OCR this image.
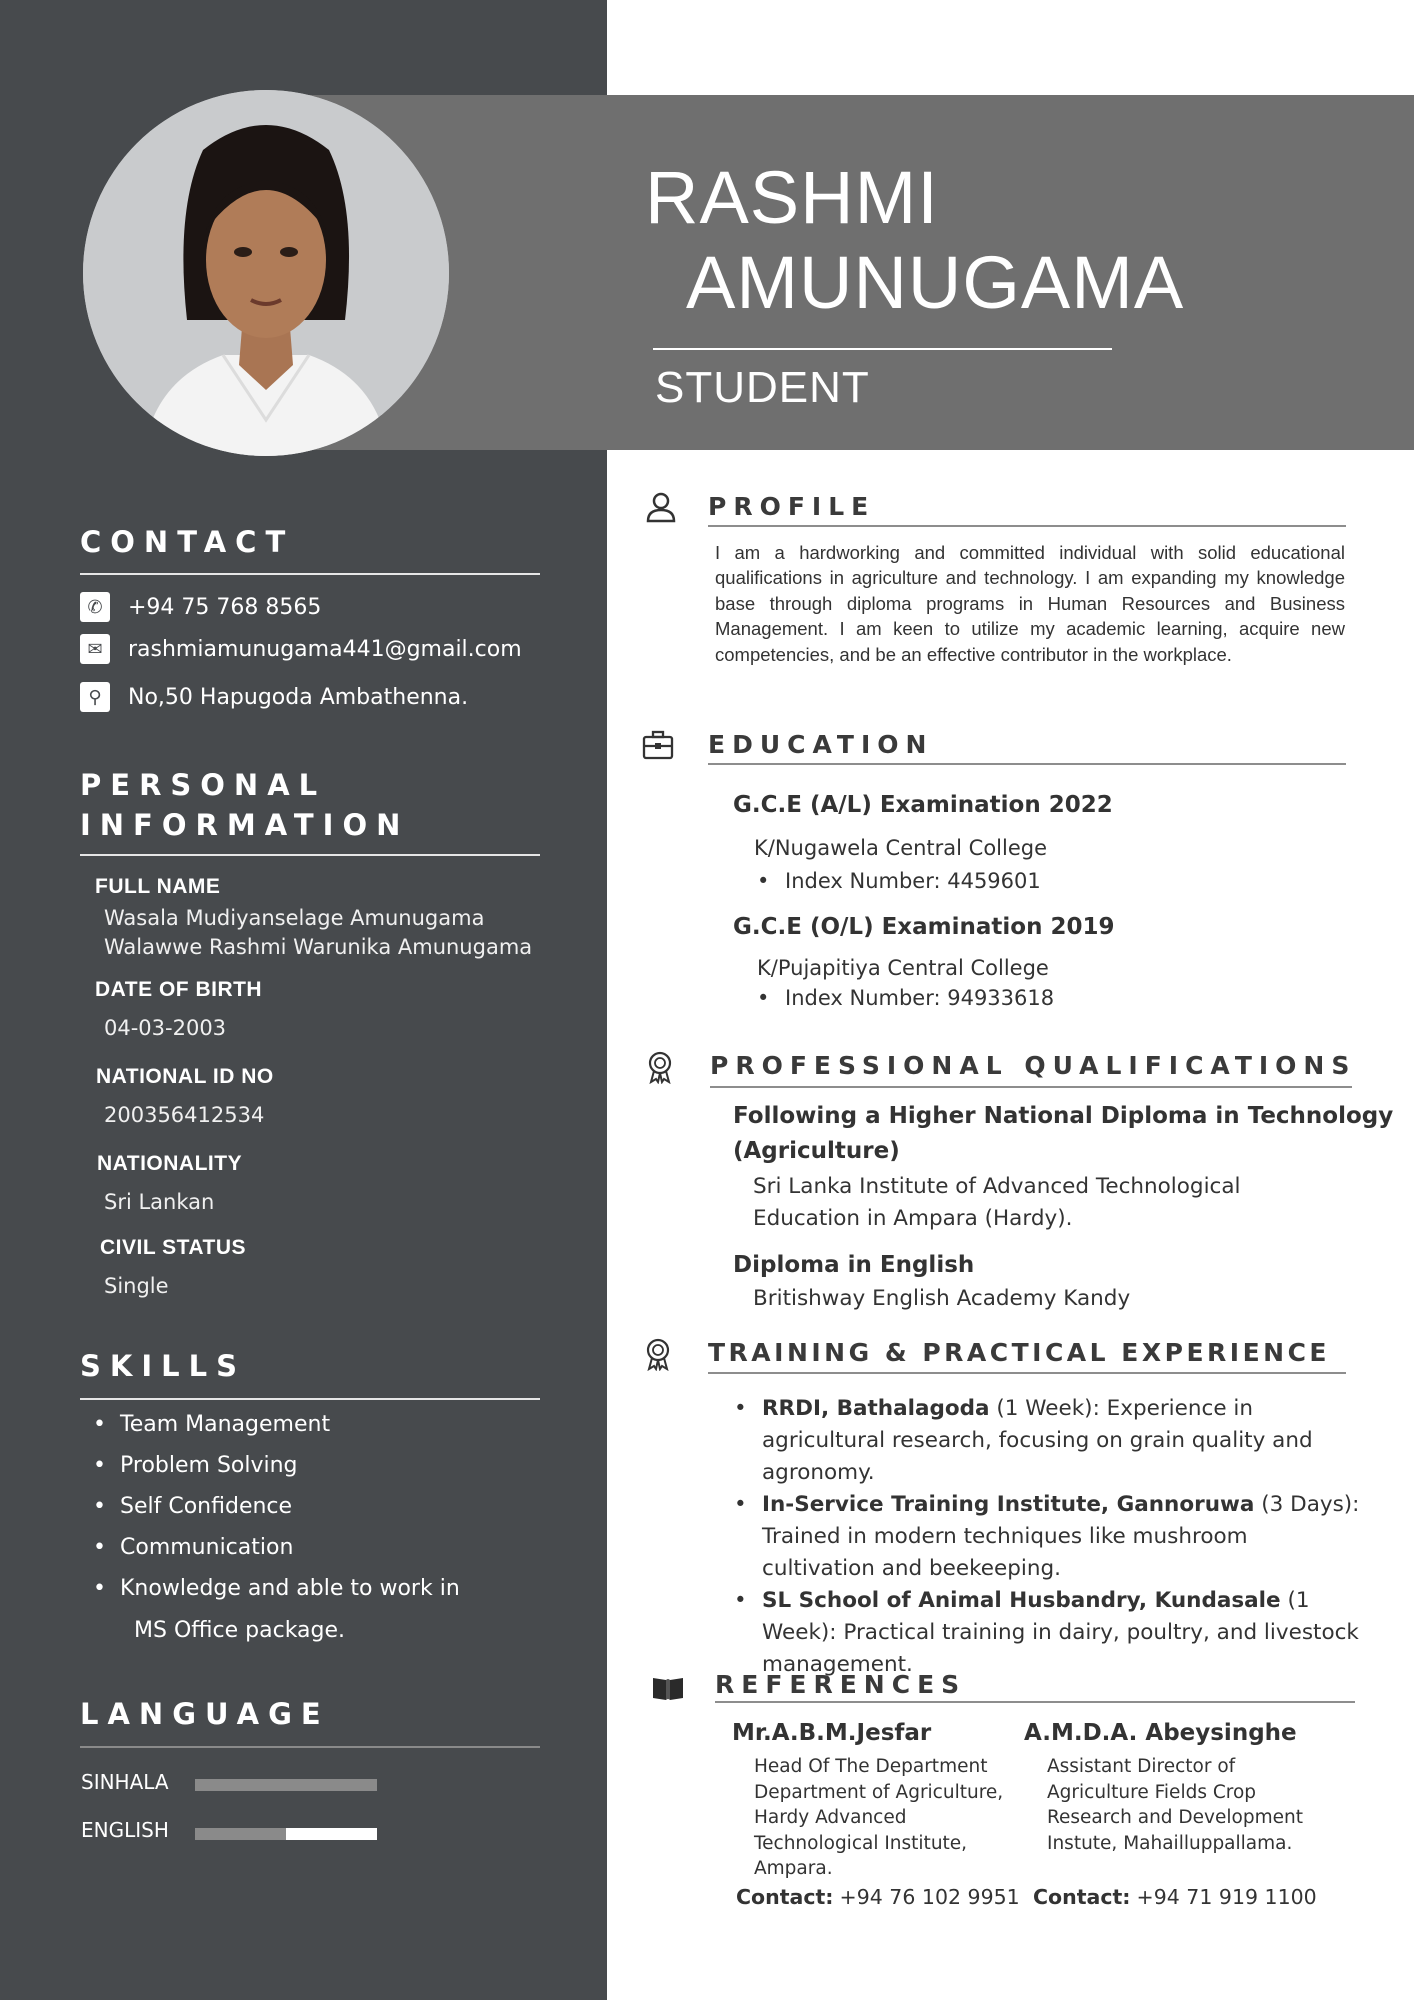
RASHMI
AMUNUGAMA
STUDENT
CONTACT
✆	+94 75 768 8565
✉	rashmiamunugama441@gmail.com
⚲	No,50 Hapugoda Ambathenna.
PERSONAL
INFORMATION
FULL NAME
Wasala Mudiyanselage Amunugama
Walawwe Rashmi Warunika Amunugama
DATE OF BIRTH
04-03-2003
NATIONAL ID NO
200356412534
NATIONALITY
Sri Lankan
CIVIL STATUS
Single
SKILLS
• Team Management
• Problem Solving
• Self Confidence
• Communication
• Knowledge and able to work in
MS Office package.
LANGUAGE
SINHALA
ENGLISH
PROFILE
I am a hardworking and committed individual with solid educational qualifications in agriculture and technology. I am expanding my knowledge base through diploma programs in Human Resources and Business Management. I am keen to utilize my academic learning, acquire new competencies, and be an effective contributor in the workplace.
EDUCATION
G.C.E (A/L) Examination 2022
K/Nugawela Central College
• Index Number: 4459601
G.C.E (O/L) Examination 2019
K/Pujapitiya Central College
• Index Number: 94933618
PROFESSIONAL QUALIFICATIONS
Following a Higher National Diploma in Technology (Agriculture)
Sri Lanka Institute of Advanced Technological Education in Ampara (Hardy).
Diploma in English
Britishway English Academy Kandy
TRAINING & PRACTICAL EXPERIENCE
• RRDI, Bathalagoda (1 Week): Experience in agricultural research, focusing on grain quality and agronomy.
• In-Service Training Institute, Gannoruwa (3 Days): Trained in modern techniques like mushroom cultivation and beekeeping.
• SL School of Animal Husbandry, Kundasale (1 Week): Practical training in dairy, poultry, and livestock management.
REFERENCES
Mr.A.B.M.Jesfar
Head Of The Department Department of Agriculture, Hardy Advanced Technological Institute, Ampara.
Contact: +94 76 102 9951
A.M.D.A. Abeysinghe
Assistant Director of Agriculture Fields Crop Research and Development Instute, Mahailluppallama.
Contact: +94 71 919 1100
